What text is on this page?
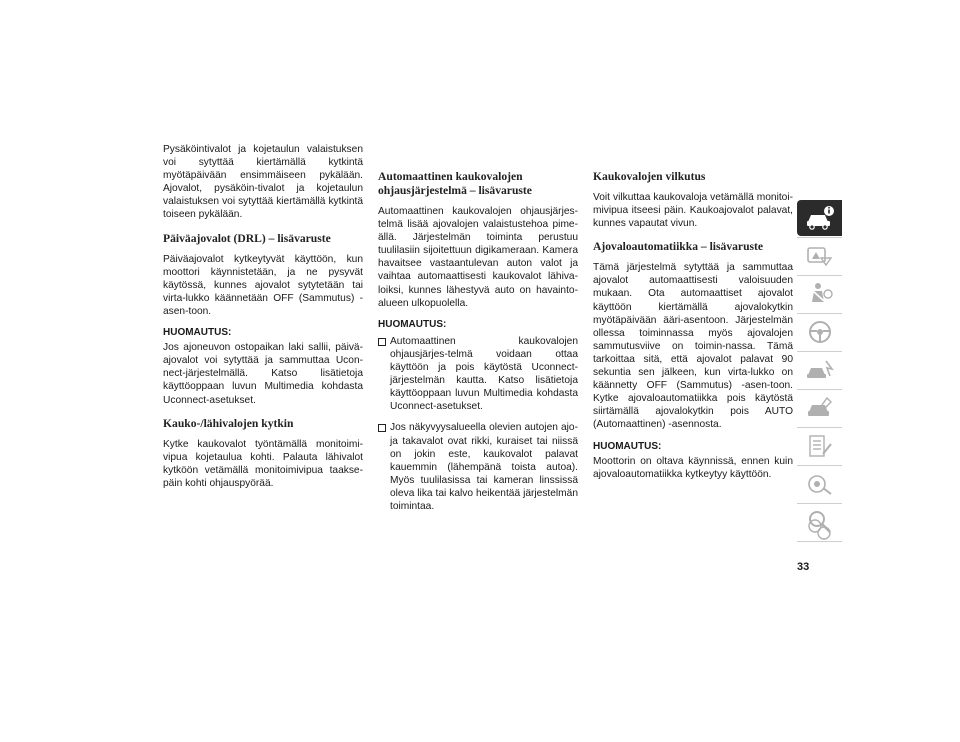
Pysäköintivalot ja kojetaulun valaistuksen voi sytyttää kiertämällä kytkintä myötäpäivään ensimmäiseen pykälään. Ajovalot, pysäköin-tivalot ja kojetaulun valaistuksen voi sytyttää kiertämällä kytkintä toiseen pykälään.

Päiväajovalot (DRL) – lisävaruste

Päiväajovalot kytkeytyvät käyttöön, kun moottori käynnistetään, ja ne pysyvät käytössä, kunnes ajovalot sytytetään tai virta-lukko käännetään OFF (Sammutus) -asen-toon.

HUOMAUTUS:

Jos ajoneuvon ostopaikan laki sallii, päivä-ajovalot voi sytyttää ja sammuttaa Ucon-nect-järjestelmällä. Katso lisätietoja käyttöoppaan luvun Multimedia kohdasta Uconnect-asetukset.

Kauko-/lähivalojen kytkin

Kytke kaukovalot työntämällä monitoimi-vipua kojetaulua kohti. Palauta lähivalot kytköön vetämällä monitoimivipua taakse-päin kohti ohjauspyörää.

Automaattinen kaukovalojen ohjausjärjestelmä – lisävaruste

Automaattinen kaukovalojen ohjausjärjes-telmä lisää ajovalojen valaistustehoa pime-ällä. Järjestelmän toiminta perustuu tuulilasiin sijoitettuun digikameraan. Kamera havaitsee vastaantulevan auton valot ja vaihtaa automaattisesti kaukovalot lähiva-loiksi, kunnes lähestyvä auto on havainto-alueen ulkopuolella.

HUOMAUTUS:
Automaattinen kaukovalojen ohjausjärjes-telmä voidaan ottaa käyttöön ja pois käytöstä Uconnect-järjestelmän kautta. Katso lisätietoja käyttöoppaan luvun Multimedia kohdasta Uconnect-asetukset.
Jos näkyvyysalueella olevien autojen ajo-ja takavalot ovat rikki, kuraiset tai niissä on jokin este, kaukovalot palavat kauemmin (lähempänä toista autoa). Myös tuulilasissa tai kameran linssissä oleva lika tai kalvo heikentää järjestelmän toimintaa.
Kaukovalojen vilkutus

Voit vilkuttaa kaukovaloja vetämällä monitoi-mivipua itseesi päin. Kaukoajovalot palavat, kunnes vapautat vivun.

Ajovaloautomatiikka – lisävaruste

Tämä järjestelmä sytyttää ja sammuttaa ajovalot automaattisesti valoisuuden mukaan. Ota automaattiset ajovalot käyttöön kiertämällä ajovalokytkin myötäpäivään ääri-asentoon. Järjestelmän ollessa toiminnassa myös ajovalojen sammutusviive on toimin-nassa. Tämä tarkoittaa sitä, että ajovalot palavat 90 sekuntia sen jälkeen, kun virta-lukko on käännetty OFF (Sammutus) -asen-toon. Kytke ajovaloautomatiikka pois käytöstä siirtämällä ajovalokytkin pois AUTO (Automaattinen) -asennosta.

HUOMAUTUS:

Moottorin on oltava käynnissä, ennen kuin ajovaloautomatiikka kytkeytyy käyttöön.

33
